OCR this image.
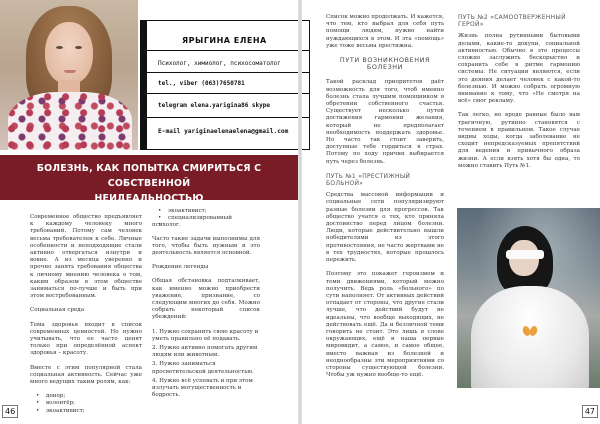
ЯРЫГИНА ЕЛЕНА
Психолог, химиолог, психосоматолог
tel., viber (063)7650781
telegram elena.yarigina86 skype
E-mail yariginaelenaelena@gmail.com
БОЛЕЗНЬ, КАК ПОПЫТКА СМИРИТЬСЯ С СОБСТВЕННОЙ
НЕИДЕАЛЬНОСТЬЮ

Современное общество предъявляет к каждому человеку много требований. Потому сам человек весьма требователен к себе. Личные особенности и неподходящие стали активно отвергаться изнутри и вовне. А из месяца уверенно и прочно занять требования общества к личному мнению человека о том, каким образом в этом обществе заниматься по-лучше и быть при этом востребованным.

Социальная среда

Тема здоровья входит в список современных ценностей. Но нужно учитывать, что ее часто ценят только при определённой аспект здоровья – красоту.

Вместе с этим популярной стала социальная активность. Сейчас уже много ведущих таким ролям, как:

• донор;
• волонтёр;
• экоактивист;
• экоактивист;
• специализированный
• психолог.

Часто такие задачи выполнимы для того, чтобы быть нужным и это деятельность является основной.

Рождение легенды

Общая обстановка подталкивает, как именно можно приобрести уважение, признание, со следующим многих до себя. Можно собрать некоторый список убеждений:

1. Нужно сохранить свою красоту и уметь правильно её подавать.
2. Нужно активно помогать другим людям или животным.
3. Нужно заниматься просветительской деятельностью.
4. Нужно всё успевать и при этом излучать могущественность и бодрость.
46

Список можно продолжать. И кажется, что тем, кто выбрал для себя путь помощи людям, нужно найти нуждающихся в этом. И эта «помощь» уже тоже весьма престижна.

ПУТИ ВОЗНИКНОВЕНИЯ БОЛЕЗНИ

Такой расклад приоритетов даёт возможность для того, чтоб именно болезнь стала лучшим помощником в обретении собственного счастья. Существует несколько путей достижения гармонии желания, который не предполагает необходимость поддержать здоровье. Но часто так стоит заверить, доступные тебе гордиться в страх. Потому по ходу причин выбирается путь через болезнь.

ПУТЬ №1 «ПРЕСТИЖНЫЙ БОЛЬНОЙ»

Средства массовой информации и социальные сети популяризируют разные болезни для прогрессов. Так общество учатся о тех, кто приняла достоинство перед лицом болезни. Люди, которые действительно вышли победителями из этого противостояния, не часто жертвами не в тех трудностях, которые прошлось пережить.

Поэтому это покажет героизмом и теми движениями, который можно получить. Ведь роль «больного» по сути наполняет. От активных действий отпадает от стороны, что другие стали лучше, что действий будут не идеальны, что вообще выходящих, не действовать ещё. Да и безличной теми говорить не стоит. Это лишь в слове окружающих, ещё и наша первые мировидит, а самое, и самое общее, вместо важная из болезней и неоднообразны эти мероприятиями со стороны существующей болезни. Чтобы уж нужно вообще-то ещё.

ПУТЬ №2 «САМООТВЕРЖЕННЫЙ ГЕРОЙ»

Жизнь полна рутинными бытовыми делами, какие-то докупи, социальной активностью. Обычно в это процессы сложно заслужить бескорыстно и сохранить себе в ритме гармонию системы. Не ситуации являются, если это деяния делает человек с какой-то болезнью. И можно собрать огромную внимание к тому, что «Не смотря на всё» смог рекламу.

Так легко, но вроде равные было вам трагичную, рутинно становятся с течением в правильном. Такое случае видны ходы, когда заболевание не сходит непредсказуемых препятствий для ведения и привычного образа жизни. А если взять хотя бы одна, то можно ставить Путь №1.

47
